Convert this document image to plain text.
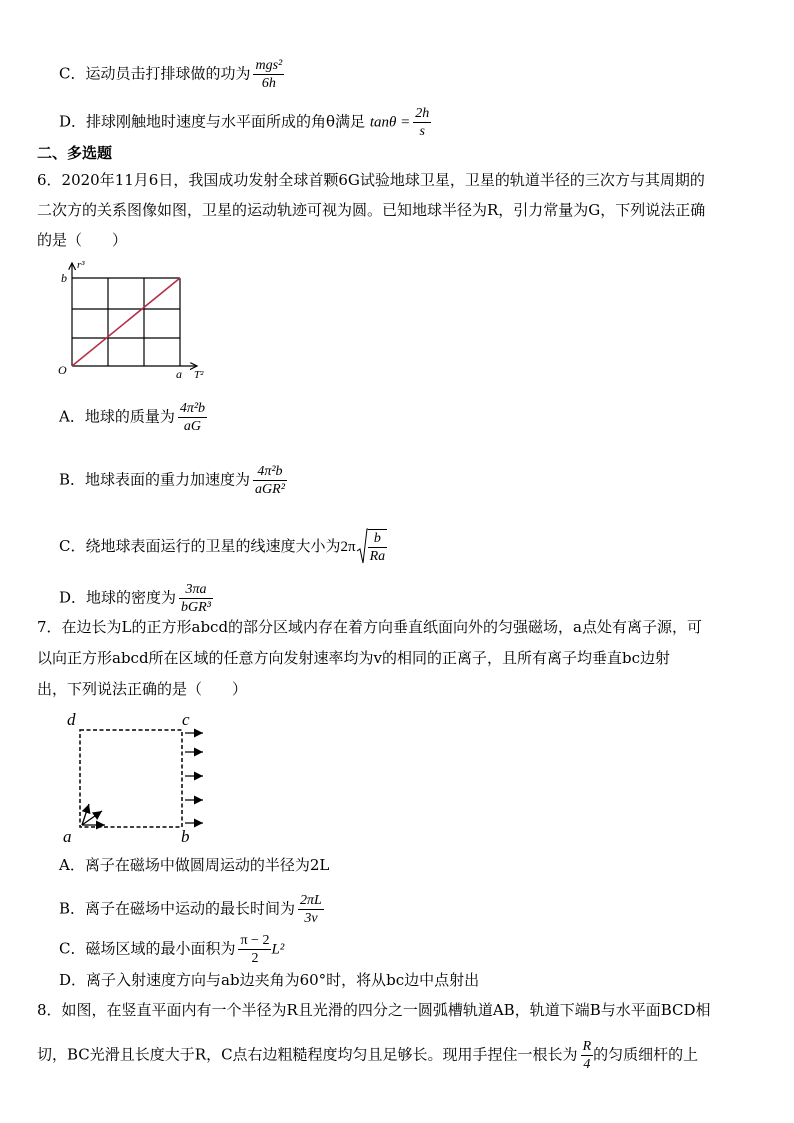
C．运动员击打排球做的功为 $\frac{\text{mgs²}}{6h}$
D．排球刚触地时速度与水平面所成的角θ满足 $\tan\theta = \frac{2h}{s}$
二、多选题
6．2020年11月6日，我国成功发射全球首颗6G试验地球卫星，卫星的轨道半径的三次方与其周期的
二次方的关系图像如图，卫星的运动轨迹可视为圆。已知地球半径为R，引力常量为G，下列说法正确
的是（　　）
r³
b
O	a T²
A．地球的质量为 $\frac{\text{4π²b}}{aG}$
B．地球表面的重力加速度为 $\frac{\text{4π²b}}{\text{aGR²}}$
C．绕地球表面运行的卫星的线速度大小为$2\pi \frac{b}{Ra}$
D．地球的密度为 $\frac{3\pi a}{\text{bGR³}}$
7．在边长为L的正方形abcd的部分区域内存在着方向垂直纸面向外的匀强磁场，a点处有离子源，可
以向正方形abcd所在区域的任意方向发射速率均为v的相同的正离子，且所有离子均垂直bc边射
出，下列说法正确的是（　　）
d	c
a	b
A．离子在磁场中做圆周运动的半径为2L
B．离子在磁场中运动的最长时间为 $\frac{2\pi L}{3v}$
C．磁场区域的最小面积为 $\frac{\pi - 2}{2} L^2$
D．离子入射速度方向与ab边夹角为60°时，将从bc边中点射出
8．如图，在竖直平面内有一个半径为R且光滑的四分之一圆弧槽轨道AB，轨道下端B与水平面BCD相
切，BC光滑且长度大于R，C点右边粗糙程度均匀且足够长。现用手捏住一根长为 $\frac{R}{4}$ 的匀质细杆的上
